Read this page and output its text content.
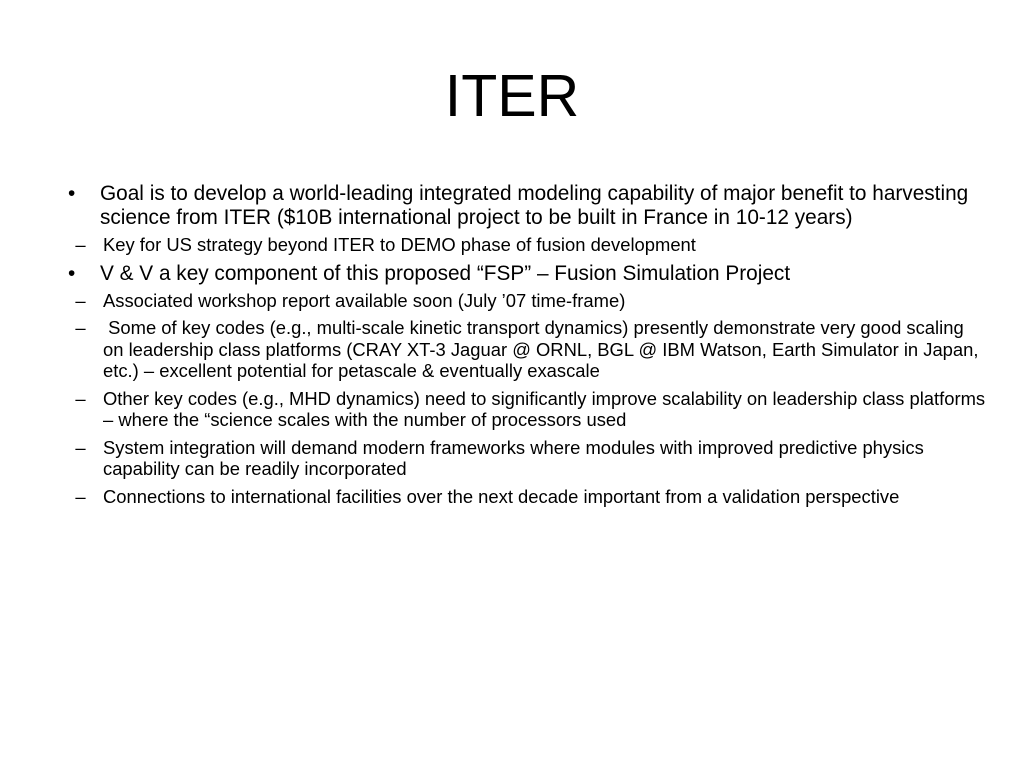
ITER
• Goal is to develop a world-leading integrated modeling capability of major benefit to harvesting science from ITER ($10B international project to be built in France in 10-12 years)
– Key for US strategy beyond ITER to DEMO phase of fusion development
• V & V a key component of this proposed “FSP” – Fusion Simulation Project
– Associated workshop report available soon (July ’07 time-frame)
– Some of key codes (e.g., multi-scale kinetic transport dynamics) presently demonstrate very good scaling on leadership class platforms (CRAY XT-3 Jaguar @ ORNL, BGL @ IBM Watson, Earth Simulator in Japan, etc.) – excellent potential for petascale & eventually exascale
– Other key codes (e.g., MHD dynamics) need to significantly improve scalability on leadership class platforms – where the “science scales with the number of processors used
– System integration will demand modern frameworks where modules with improved predictive physics capability can be readily incorporated
– Connections to international facilities over the next decade important from a validation perspective
